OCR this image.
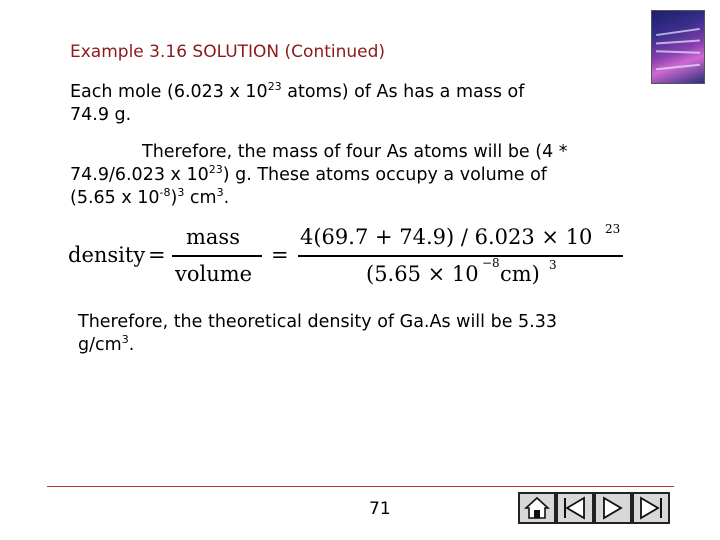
Example 3.16 SOLUTION (Continued)
Each mole (6.023 x $10^{23}$ atoms) of As has a mass of
74.9 g.
Therefore, the mass of four As atoms will be (4 *
74.9/6.023 x $10^{23}$) g. These atoms occupy a volume of
(5.65 x $10^{-8})^3$ $cm^3$.
density =
mass
volume
=
4(69.7 + 74.9) / 6.023 × 10 23
(5.65 × 10 −8 cm) 3
Therefore, the theoretical density of Ga.As will be 5.33
$g/cm^3$.
71
